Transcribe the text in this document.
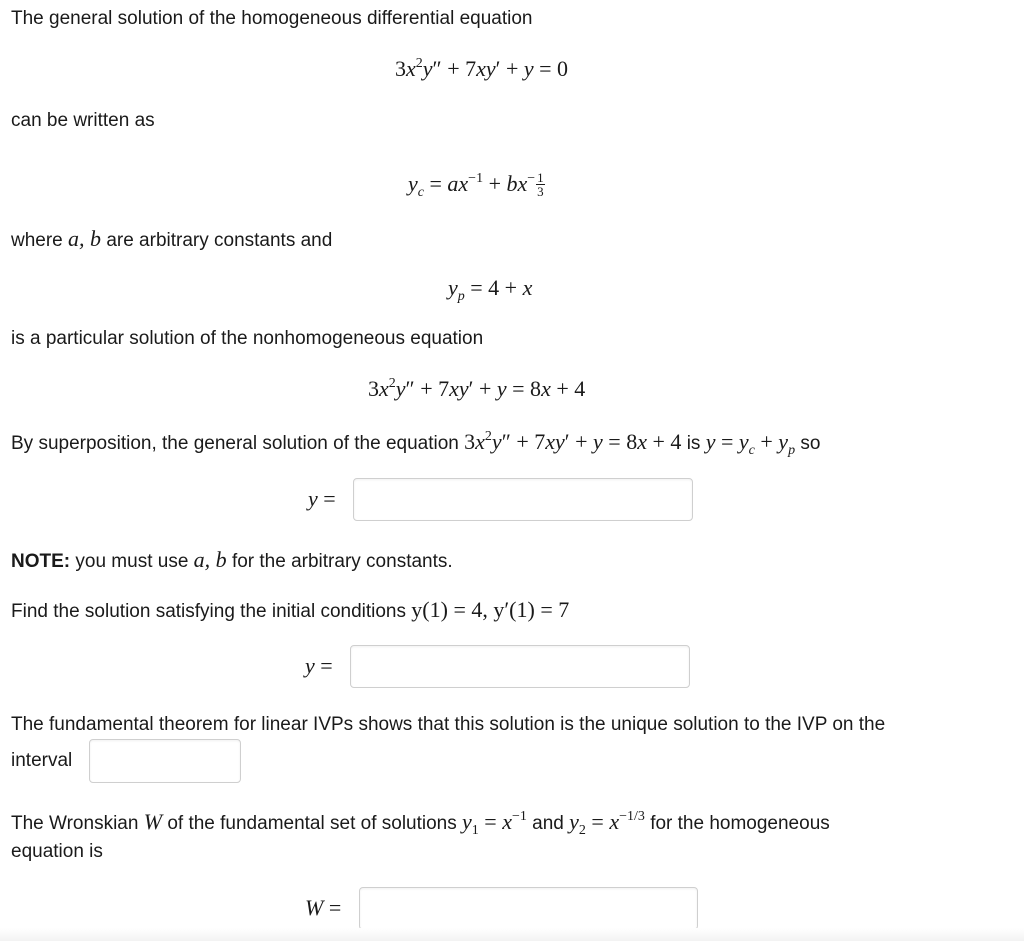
The general solution of the homogeneous differential equation
$3x^2y'' + 7xy' + y = 0$
can be written as
$y_c = ax^{-1} + bx^- \frac{1}{3}$
where a, b are arbitrary constants and
$y_p = 4 + x$
is a particular solution of the nonhomogeneous equation
$3x^2y'' + 7xy' + y = 8x + 4$
By superposition, the general solution of the equation $3x^2y'' + 7xy' + y = 8x + 4$ is $y = y_c + y_p$ so
y =
NOTE: you must use a, b for the arbitrary constants.
Find the solution satisfying the initial conditions y(1) = 4, y′(1) = 7
y =
The fundamental theorem for linear IVPs shows that this solution is the unique solution to the IVP on the
interval
The Wronskian W of the fundamental set of solutions $y_1 = x^{-1}$ and $y_2 = x^{-1/3}$ for the homogeneous
equation is
W =
